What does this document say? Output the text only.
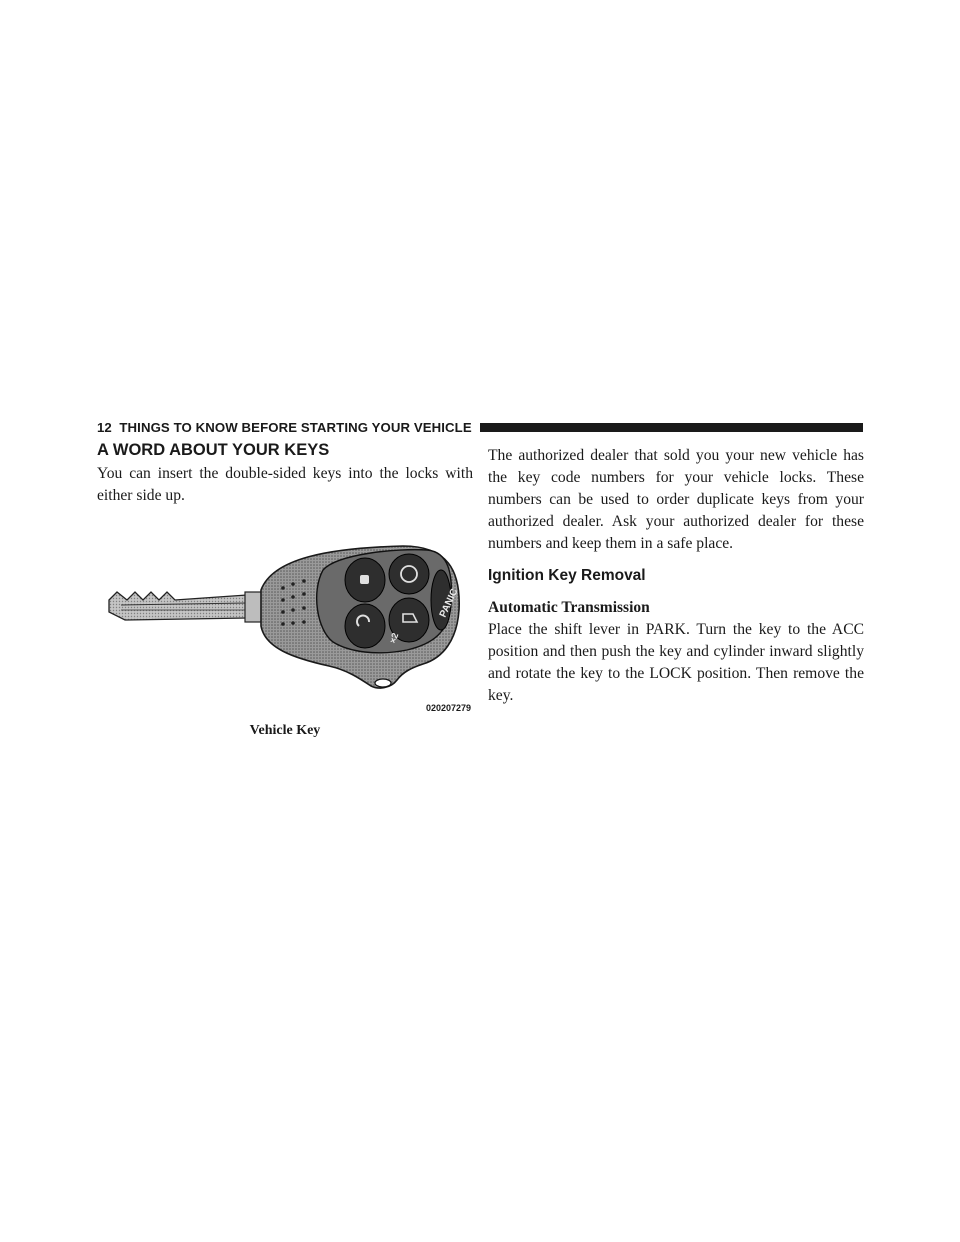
12 THINGS TO KNOW BEFORE STARTING YOUR VEHICLE
A WORD ABOUT YOUR KEYS

You can insert the double-sided keys into the locks with either side up.

PANIC
×2
020207279
Vehicle Key

The authorized dealer that sold you your new vehicle has the key code numbers for your vehicle locks. These numbers can be used to order duplicate keys from your authorized dealer. Ask your authorized dealer for these numbers and keep them in a safe place.

Ignition Key Removal
Automatic Transmission

Place the shift lever in PARK. Turn the key to the ACC position and then push the key and cylinder inward slightly and rotate the key to the LOCK position. Then remove the key.
